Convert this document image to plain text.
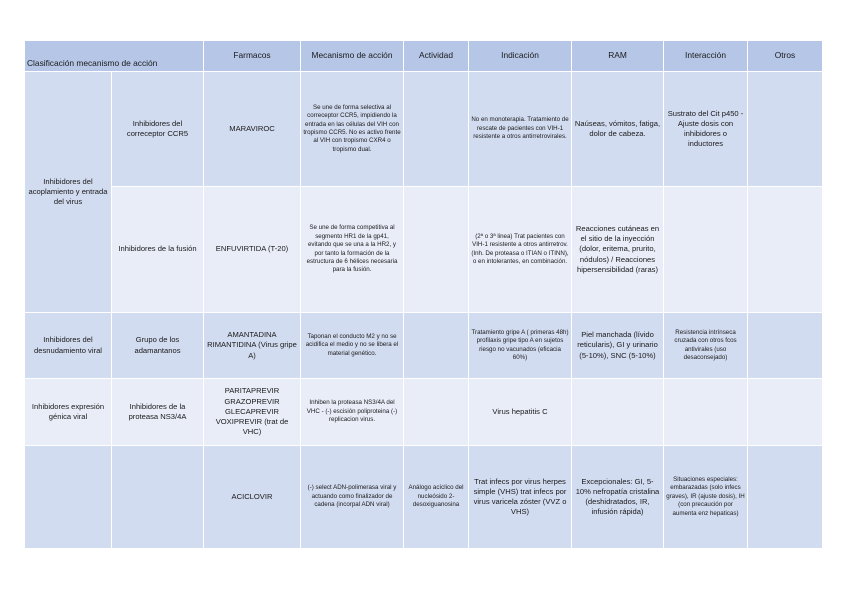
Clasificación mecanismo de acción		Farmacos	Mecanismo de acción	Actividad	Indicación	RAM	Interacción	Otros
Inhibidores del acoplamiento y entrada del virus	Inhibidores del correceptor CCR5	MARAVIROC	Se une de forma selectiva al correceptor CCR5, impidiendo la entrada en las células del VIH con tropismo CCR5. No es activo frente al VIH con tropismo CXR4 o tropismo dual.		No en monoterapia. Tratamiento de rescate de pacientes con VIH-1 resistente a otros antirretrovirales.	Naúseas, vómitos, fatiga, dolor de cabeza.	Sustrato del Cit p450 - Ajuste dosis con inhibidores o inductores	
	Inhibidores de la fusión	ENFUVIRTIDA (T-20)	Se une de forma competitiva al segmento HR1 de la gp41, evitando que se una a la HR2, y por tanto la formación de la estructura de 6 hélices necesaria para la fusión.		(2ª o 3ª linea) Trat pacientes con VIH-1 resistente a otros antirretrov. (Inh. De proteasa o ITIAN o ITINN), o en intolerantes, en combinación.	Reacciones cutáneas en el sitio de la inyección (dolor, eritema, prurito, nódulos) / Reacciones hipersensibilidad (raras)		
Inhibidores del desnudamiento viral	Grupo de los adamantanos	AMANTADINA RIMANTIDINA (Virus gripe A)	Taponan el conducto M2 y no se acidifica el medio y no se libera el material genético.		Tratamiento gripe A ( primeras 48h) profilaxis gripe tipo A en sujetos riesgo no vacunados (eficacia 60%)	Piel manchada (lívido reticularis), GI y urinario (5-10%), SNC (5-10%)	Resistencia intrínseca cruzada con otros fcos antivirales (uso desaconsejado)	
Inhibidores expresión génica viral	Inhibidores de la proteasa NS3/4A	PARITAPREVIR GRAZOPREVIR GLECAPREVIR VOXIPREVIR (trat de VHC)	Inhiben la proteasa NS3/4A del VHC - (-) escisión poliproteina (-) replicacion virus.		Virus hepatitis C			
		ACICLOVIR	(-) select ADN-polimerasa viral y actuando como finalizador de cadena (incorpal ADN viral)	Análogo acíclico del nucleósido 2-desoxiguanosina	Trat infecs por virus herpes simple (VHS) trat infecs por virus varicela zóster (VVZ o VHS)	Excepcionales: GI, 5-10% nefropatía cristalina (deshidratados, IR, infusión rápida)	Situaciones especiales: embarazadas (solo infecs graves), IR (ajuste dosis), IH (con precaución por aumenta enz hepaticas)	
